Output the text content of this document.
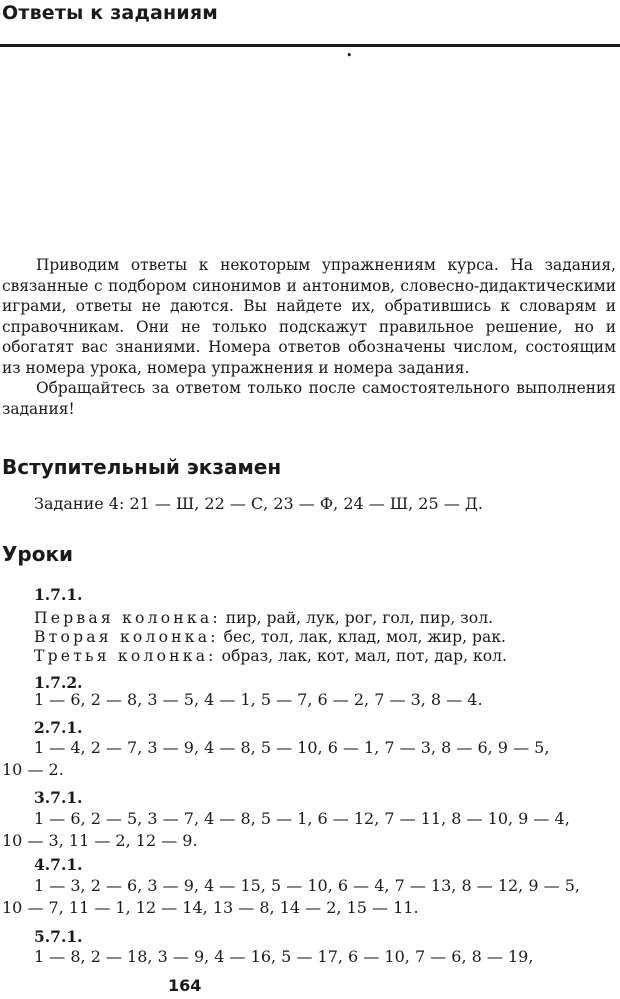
Ответы к заданиям
•

Приводим ответы к некоторым упражнениям курса. На задания, связанные с подбором синонимов и антонимов, словесно-дидактическими играми, ответы не даются. Вы найдете их, обратившись к словарям и справочникам. Они не только подскажут правильное решение, но и обогатят вас знаниями. Номера ответов обозначены числом, состоящим из номера урока, номера упражнения и номера задания.

Обращайтесь за ответом только после самостоятельного выполнения задания!

Вступительный экзамен
Задание 4: 21 — Ш, 22 — С, 23 — Ф, 24 — Ш, 25 — Д.
Уроки
1.7.1.
Первая колонка: пир, рай, лук, рог, гол, пир, зол.
Вторая колонка: бес, тол, лак, клад, мол, жир, рак.
Третья колонка: образ, лак, кот, мал, пот, дар, кол.
1.7.2.
1 — 6, 2 — 8, 3 — 5, 4 — 1, 5 — 7, 6 — 2, 7 — 3, 8 — 4.
2.7.1.
1 — 4, 2 — 7, 3 — 9, 4 — 8, 5 — 10, 6 — 1, 7 — 3, 8 — 6, 9 — 5,
10 — 2.
3.7.1.
1 — 6, 2 — 5, 3 — 7, 4 — 8, 5 — 1, 6 — 12, 7 — 11, 8 — 10, 9 — 4,
10 — 3, 11 — 2, 12 — 9.
4.7.1.
1 — 3, 2 — 6, 3 — 9, 4 — 15, 5 — 10, 6 — 4, 7 — 13, 8 — 12, 9 — 5,
10 — 7, 11 — 1, 12 — 14, 13 — 8, 14 — 2, 15 — 11.
5.7.1.
1 — 8, 2 — 18, 3 — 9, 4 — 16, 5 — 17, 6 — 10, 7 — 6, 8 — 19,
164
